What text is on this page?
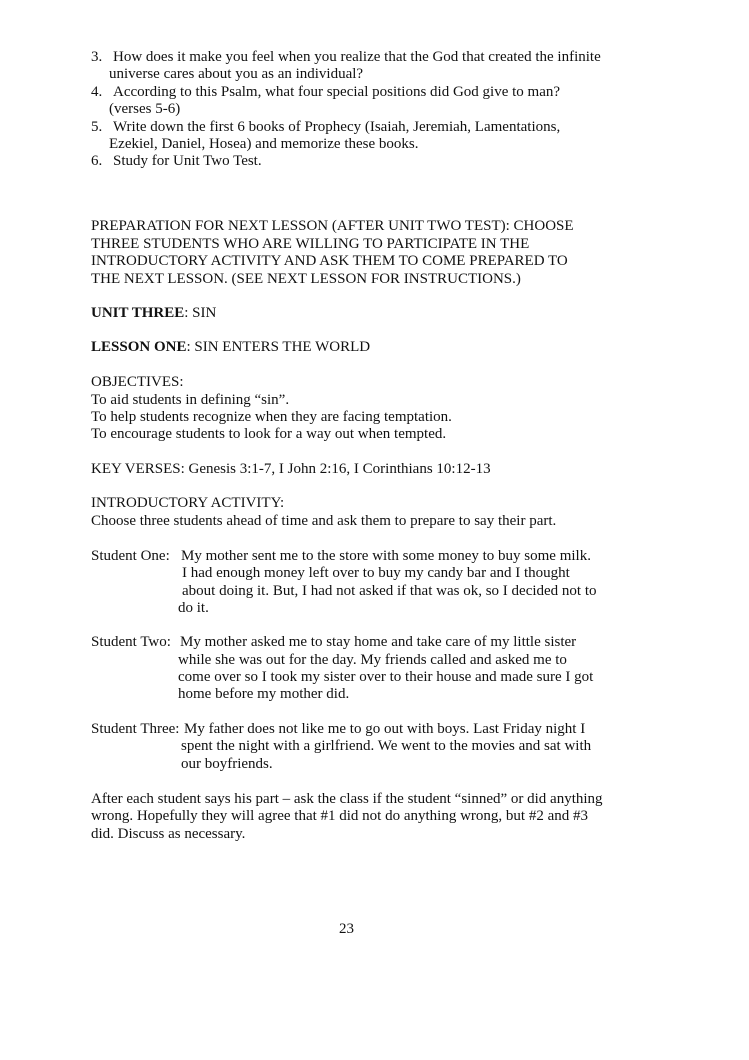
3. How does it make you feel when you realize that the God that created the infinite
universe cares about you as an individual?
4. According to this Psalm, what four special positions did God give to man?
(verses 5-6)
5. Write down the first 6 books of Prophecy (Isaiah, Jeremiah, Lamentations,
Ezekiel, Daniel, Hosea) and memorize these books.
6. Study for Unit Two Test.
PREPARATION FOR NEXT LESSON (AFTER UNIT TWO TEST): CHOOSE
THREE STUDENTS WHO ARE WILLING TO PARTICIPATE IN THE
INTRODUCTORY ACTIVITY AND ASK THEM TO COME PREPARED TO
THE NEXT LESSON. (SEE NEXT LESSON FOR INSTRUCTIONS.)
UNIT THREE: SIN
LESSON ONE: SIN ENTERS THE WORLD
OBJECTIVES:
To aid students in defining “sin”.
To help students recognize when they are facing temptation.
To encourage students to look for a way out when tempted.
KEY VERSES: Genesis 3:1-7, I John 2:16, I Corinthians 10:12-13
INTRODUCTORY ACTIVITY:
Choose three students ahead of time and ask them to prepare to say their part.
Student One: My mother sent me to the store with some money to buy some milk.
I had enough money left over to buy my candy bar and I thought
about doing it. But, I had not asked if that was ok, so I decided not to
do it.
Student Two: My mother asked me to stay home and take care of my little sister
while she was out for the day. My friends called and asked me to
come over so I took my sister over to their house and made sure I got
home before my mother did.
Student Three: My father does not like me to go out with boys. Last Friday night I
spent the night with a girlfriend. We went to the movies and sat with
our boyfriends.
After each student says his part – ask the class if the student “sinned” or did anything
wrong. Hopefully they will agree that #1 did not do anything wrong, but #2 and #3
did. Discuss as necessary.
23
